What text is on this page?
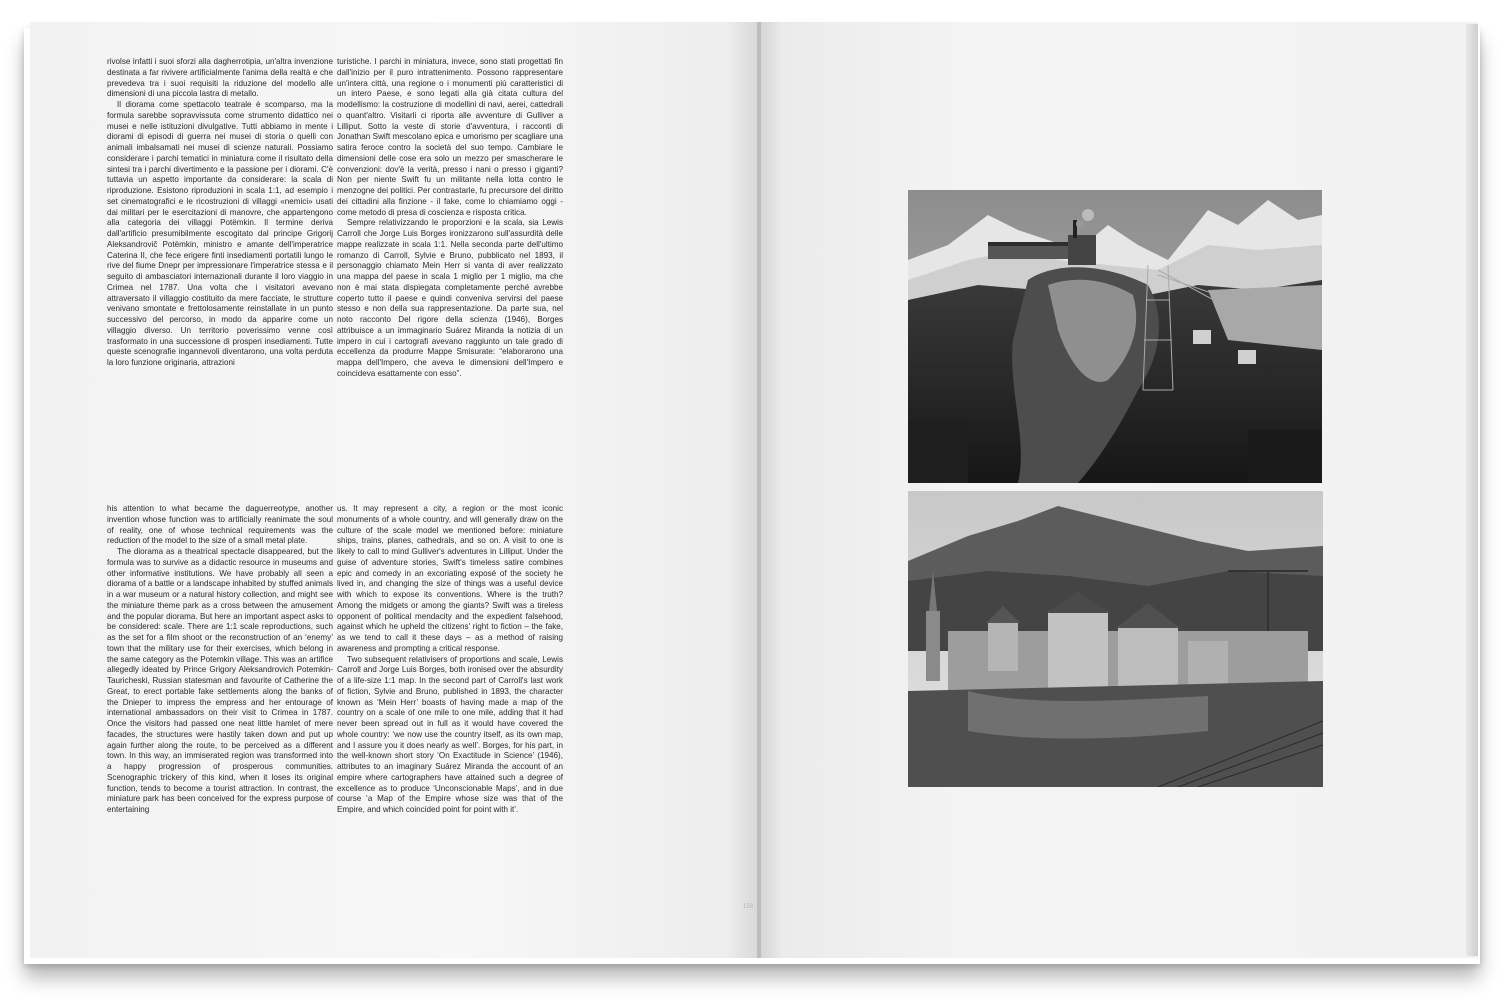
rivolse infatti i suoi sforzi alla dagherrotipia, un'altra invenzione destinata a far rivivere artificialmente l'anima della realtà e che prevedeva tra i suoi requisiti la riduzione del modello alle dimensioni di una piccola lastra di metallo.

Il diorama come spettacolo teatrale è scomparso, ma la formula sarebbe sopravvissuta come strumento didattico nei musei e nelle istituzioni divulgative. Tutti abbiamo in mente i diorami di episodi di guerra nei musei di storia o quelli con animali imbalsamati nei musei di scienze naturali. Possiamo considerare i parchi tematici in miniatura come il risultato della sintesi tra i parchi divertimento e la passione per i diorami. C'è tuttavia un aspetto importante da considerare: la scala di riproduzione. Esistono riproduzioni in scala 1:1, ad esempio i set cinematografici e le ricostruzioni di villaggi «nemici» usati dai militari per le esercitazioni di manovre, che appartengono alla categoria dei villaggi Potëmkin. Il termine deriva dall'artificio presumibilmente escogitato dal principe Grigorij Aleksandrovič Potëmkin, ministro e amante dell'imperatrice Caterina II, che fece erigere finti insediamenti portatili lungo le rive del fiume Dnepr per impressionare l'imperatrice stessa e il seguito di ambasciatori internazionali durante il loro viaggio in Crimea nel 1787. Una volta che i visitatori avevano attraversato il villaggio costituito da mere facciate, le strutture venivano smontate e frettolosamente reinstallate in un punto successivo del percorso, in modo da apparire come un villaggio diverso. Un territorio poverissimo venne così trasformato in una successione di prosperi insediamenti. Tutte queste scenografie ingannevoli diventarono, una volta perduta la loro funzione originaria, attrazioni

turistiche. I parchi in miniatura, invece, sono stati progettati fin dall'inizio per il puro intrattenimento. Possono rappresentare un'intera città, una regione o i monumenti più caratteristici di un intero Paese, e sono legati alla già citata cultura del modellismo: la costruzione di modellini di navi, aerei, cattedrali o quant'altro. Visitarli ci riporta alle avventure di Gulliver a Lilliput. Sotto la veste di storie d'avventura, i racconti di Jonathan Swift mescolano epica e umorismo per scagliare una satira feroce contro la società del suo tempo. Cambiare le dimensioni delle cose era solo un mezzo per smascherare le convenzioni: dov'è la verità, presso i nani o presso i giganti? Non per niente Swift fu un militante nella lotta contro le menzogne dei politici. Per contrastarle, fu precursore del diritto dei cittadini alla finzione - il fake, come lo chiamiamo oggi - come metodo di presa di coscienza e risposta critica.

Sempre relativizzando le proporzioni e la scala, sia Lewis Carroll che Jorge Luis Borges ironizzarono sull'assurdità delle mappe realizzate in scala 1:1. Nella seconda parte dell'ultimo romanzo di Carroll, Sylvie e Bruno, pubblicato nel 1893, il personaggio chiamato Mein Herr si vanta di aver realizzato una mappa del paese in scala 1 miglio per 1 miglio, ma che non è mai stata dispiegata completamente perché avrebbe coperto tutto il paese e quindi conveniva servirsi del paese stesso e non della sua rappresentazione. Da parte sua, nel noto racconto Del rigore della scienza (1946), Borges attribuisce a un immaginario Suárez Miranda la notizia di un impero in cui i cartografi avevano raggiunto un tale grado di eccellenza da produrre Mappe Smisurate: “elaborarono una mappa dell'Impero, che aveva le dimensioni dell'Impero e coincideva esattamente con esso”.

his attention to what became the daguerreotype, another invention whose function was to artificially reanimate the soul of reality, one of whose technical requirements was the reduction of the model to the size of a small metal plate.

The diorama as a theatrical spectacle disappeared, but the formula was to survive as a didactic resource in museums and other informative institutions. We have probably all seen a diorama of a battle or a landscape inhabited by stuffed animals in a war museum or a natural history collection, and might see the miniature theme park as a cross between the amusement and the popular diorama. But here an important aspect asks to be considered: scale. There are 1:1 scale reproductions, such as the set for a film shoot or the reconstruction of an ‘enemy’ town that the military use for their exercises, which belong in the same category as the Potemkin village. This was an artifice allegedly ideated by Prince Grigory Aleksandrovich Potemkin-Tauricheski, Russian statesman and favourite of Catherine the Great, to erect portable fake settlements along the banks of the Dnieper to impress the empress and her entourage of international ambassadors on their visit to Crimea in 1787. Once the visitors had passed one neat little hamlet of mere facades, the structures were hastily taken down and put up again further along the route, to be perceived as a different town. In this way, an immiserated region was transformed into a happy progression of prosperous communities. Scenographic trickery of this kind, when it loses its original function, tends to become a tourist attraction. In contrast, the miniature park has been conceived for the express purpose of entertaining

us. It may represent a city, a region or the most iconic monuments of a whole country, and will generally draw on the culture of the scale model we mentioned before: miniature ships, trains, planes, cathedrals, and so on. A visit to one is likely to call to mind Gulliver's adventures in Lilliput. Under the guise of adventure stories, Swift's timeless satire combines epic and comedy in an excoriating exposé of the society he lived in, and changing the size of things was a useful device with which to expose its conventions. Where is the truth? Among the midgets or among the giants? Swift was a tireless opponent of political mendacity and the expedient falsehood, against which he upheld the citizens' right to fiction – the fake, as we tend to call it these days – as a method of raising awareness and prompting a critical response.

Two subsequent relativisers of proportions and scale, Lewis Carroll and Jorge Luis Borges, both ironised over the absurdity of a life-size 1:1 map. In the second part of Carroll's last work of fiction, Sylvie and Bruno, published in 1893, the character known as ‘Mein Herr’ boasts of having made a map of the country on a scale of one mile to one mile, adding that it had never been spread out in full as it would have covered the whole country: ‘we now use the country itself, as its own map, and I assure you it does nearly as well’. Borges, for his part, in the well-known short story ‘On Exactitude in Science’ (1946), attributes to an imaginary Suárez Miranda the account of an empire where cartographers have attained such a degree of excellence as to produce ‘Unconscionable Maps’, and in due course ‘a Map of the Empire whose size was that of the Empire, and which coincided point for point with it’.

158
